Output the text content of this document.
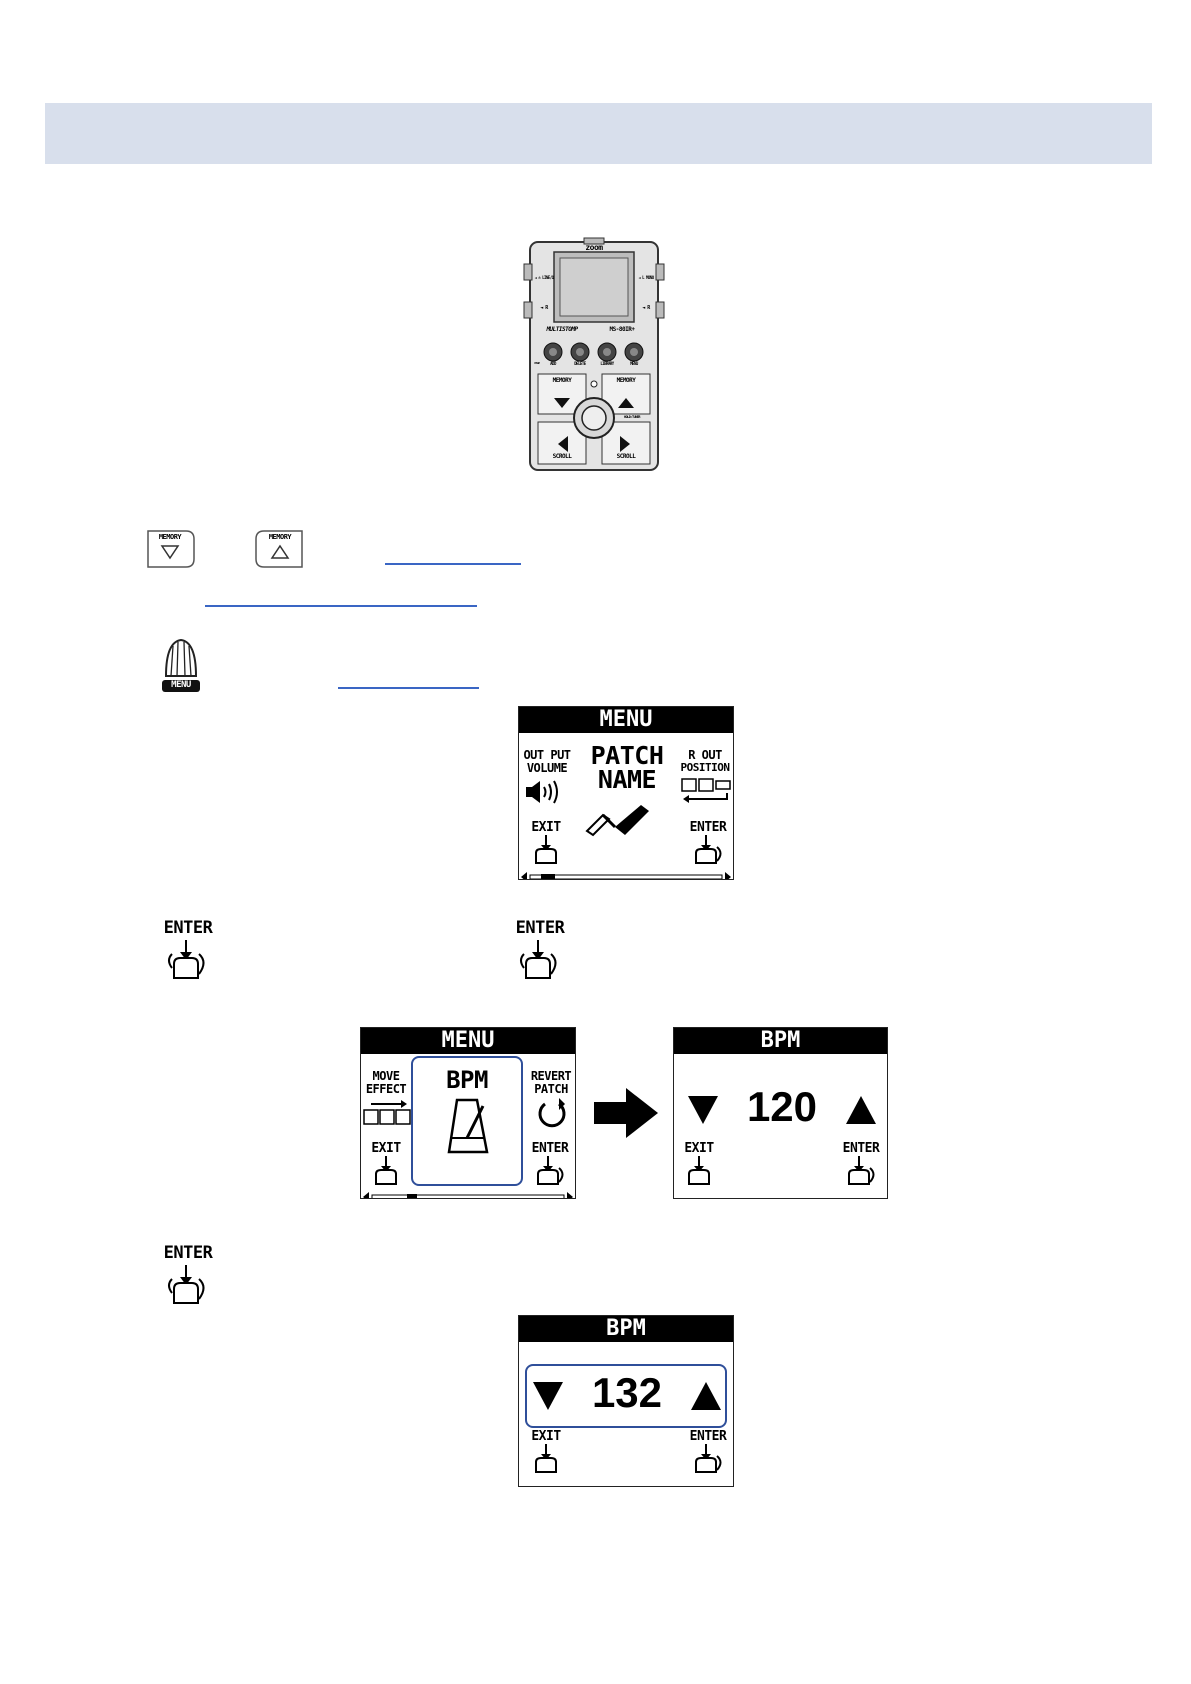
zoom
MULTISTOMP	MS-80IR+
◄ ∩ LINE/Ω
◄ R
◄ L MONO
◄ R
PAGE	ADD	DELETE	LIBRARY	MENU
MEMORY	MEMORY
SCROLL	SCROLL
HOLD:TUNER
MEMORY	MEMORY
MENU
MENU
OUT PUT
VOLUME PATCH
NAME
R OUT
POSITION
EXIT	ENTER
ENTER	ENTER
MENU
MOVE
EFFECT	BPM	REVERT
PATCH
EXIT	ENTER
BPM
120
EXIT	ENTER
ENTER
BPM
132
EXIT	ENTER
